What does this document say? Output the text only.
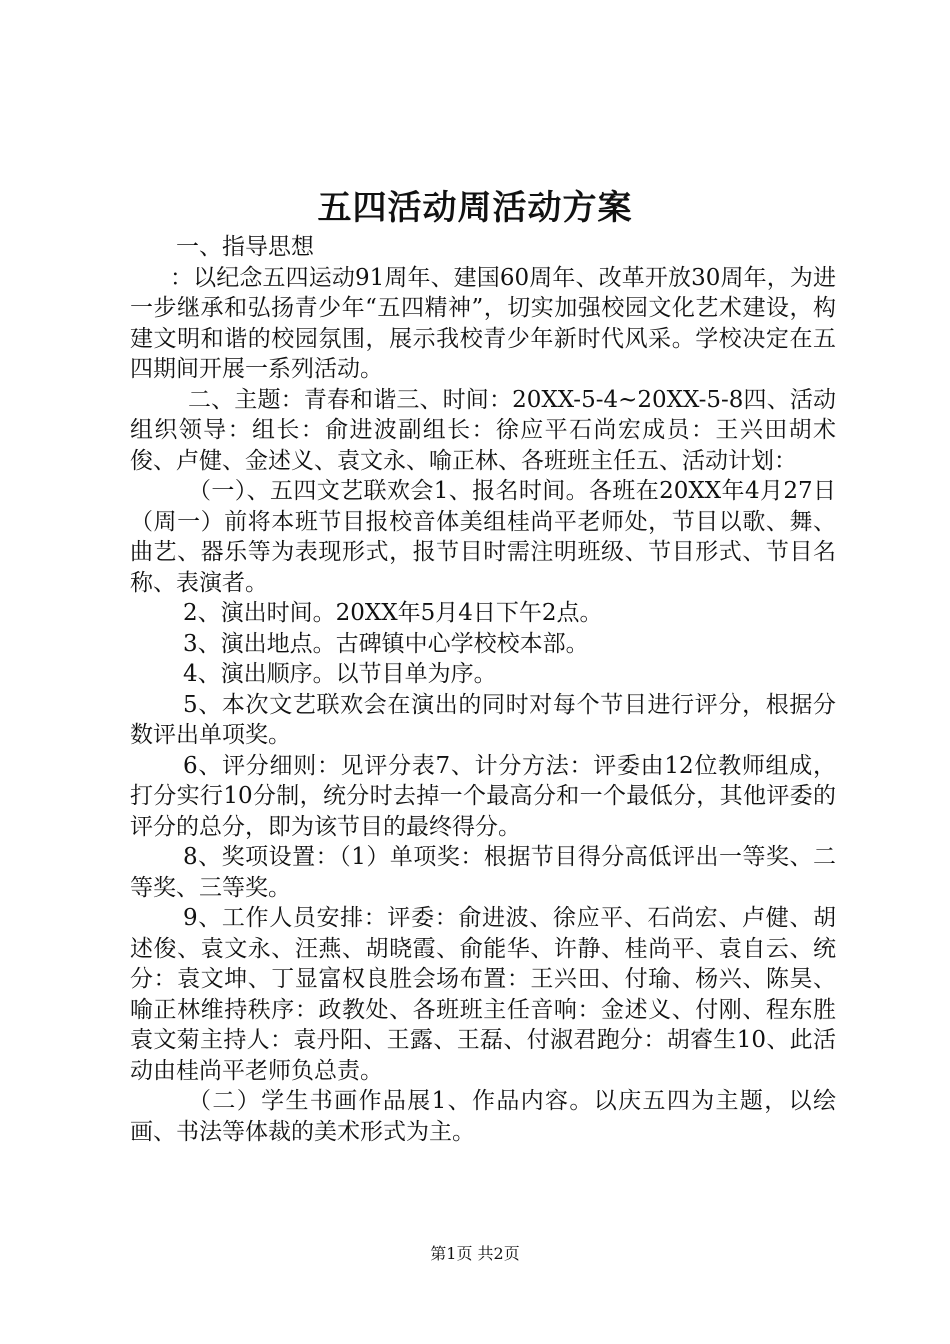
五四活动周活动方案

一、指导思想

：以纪念五四运动91周年、建国60周年、改革开放30周年，为进一步继承和弘扬青少年“五四精神”，切实加强校园文化艺术建设，构建文明和谐的校园氛围，展示我校青少年新时代风采。学校决定在五四期间开展一系列活动。

二、主题：青春和谐三、时间：20XX-5-4~20XX-5-8四、活动组织领导：组长：俞进波副组长：徐应平石尚宏成员：王兴田胡术俊、卢健、金述义、袁文永、喻正林、各班班主任五、活动计划：

（一）、五四文艺联欢会1、报名时间。各班在20XX年4月27日（周一）前将本班节目报校音体美组桂尚平老师处，节目以歌、舞、曲艺、器乐等为表现形式，报节目时需注明班级、节目形式、节目名称、表演者。

2、演出时间。20XX年5月4日下午2点。

3、演出地点。古碑镇中心学校校本部。

4、演出顺序。以节目单为序。

5、本次文艺联欢会在演出的同时对每个节目进行评分，根据分数评出单项奖。

6、评分细则：见评分表7、计分方法：评委由12位教师组成，打分实行10分制，统分时去掉一个最高分和一个最低分，其他评委的评分的总分，即为该节目的最终得分。

8、奖项设置：（1）单项奖：根据节目得分高低评出一等奖、二等奖、三等奖。

9、工作人员安排：评委：俞进波、徐应平、石尚宏、卢健、胡述俊、袁文永、汪燕、胡晓霞、俞能华、许静、桂尚平、袁自云、统分：袁文坤、丁显富权良胜会场布置：王兴田、付瑜、杨兴、陈昊、喻正林维持秩序：政教处、各班班主任音响：金述义、付刚、程东胜袁文菊主持人：袁丹阳、王露、王磊、付淑君跑分：胡睿生10、此活动由桂尚平老师负总责。

（二）学生书画作品展1、作品内容。以庆五四为主题，以绘画、书法等体裁的美术形式为主。

第1页 共2页
